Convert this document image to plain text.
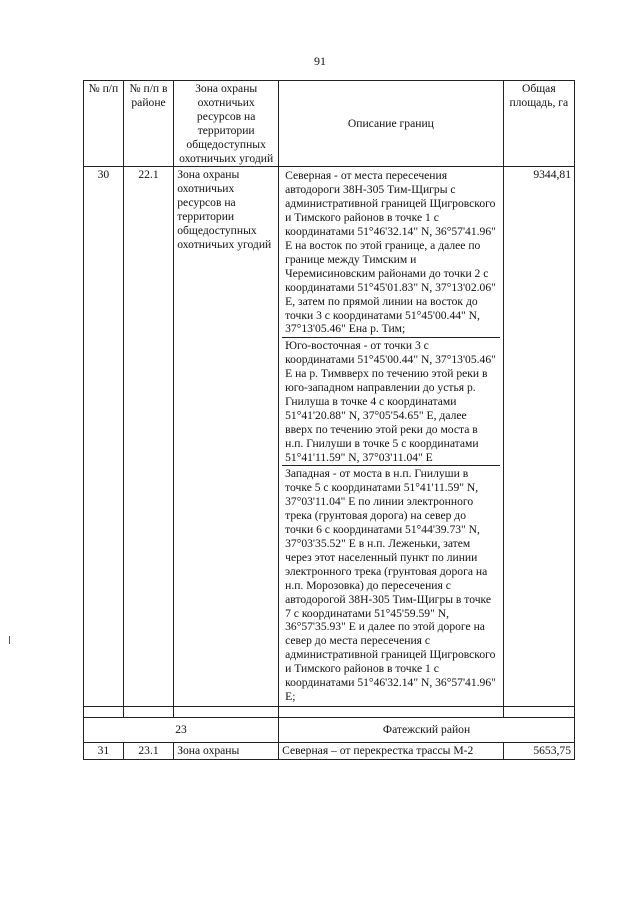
91
№ п/п	№ п/п в районе	Зона охраны охотничьих ресурсов на территории общедоступных охотничьих угодий	Описание границ	Общая площадь, га
30	22.1	Зона охраны охотничьих ресурсов на территории общедоступных охотничьих угодий	Северная - от места пересечения автодороги 38Н-305 Тим-Щигры с административной границей Щигровского и Тимского районов в точке 1 с координатами 51°46'32.14" N, 36°57'41.96" E на восток по этой границе, а далее по границе между Тимским и Черемисиновским районами до точки 2 с координатами 51°45'01.83" N, 37°13'02.06" E, затем по прямой линии на восток до точки 3 с координатами 51°45'00.44" N, 37°13'05.46" Ена р. Тим;
Юго-восточная - от точки 3 с координатами 51°45'00.44" N, 37°13'05.46" E на р. Тимвверх по течению этой реки в юго-западном направлении до устья р. Гнилуша в точке 4 с координатами 51°41'20.88" N, 37°05'54.65" E, далее вверх по течению этой реки до моста в н.п. Гнилуши в точке 5 с координатами 51°41'11.59" N, 37°03'11.04" E
Западная - от моста в н.п. Гнилуши в точке 5 с координатами 51°41'11.59" N, 37°03'11.04" E по линии электронного трека (грунтовая дорога) на север до точки 6 с координатами 51°44'39.73" N, 37°03'35.52" E в н.п. Леженьки, затем через этот населенный пункт по линии электронного трека (грунтовая дорога на н.п. Морозовка) до пересечения с автодорогой 38Н-305 Тим-Щигры в точке 7 с координатами 51°45'59.59" N, 36°57'35.93" E и далее по этой дороге на север до места пересечения с административной границей Щигровского и Тимского районов в точке 1 с координатами 51°46'32.14" N, 36°57'41.96" E;	9344,81

23			Фатежский район	
31	23.1	Зона охраны	Северная – от перекрестка трассы М-2	5653,75
